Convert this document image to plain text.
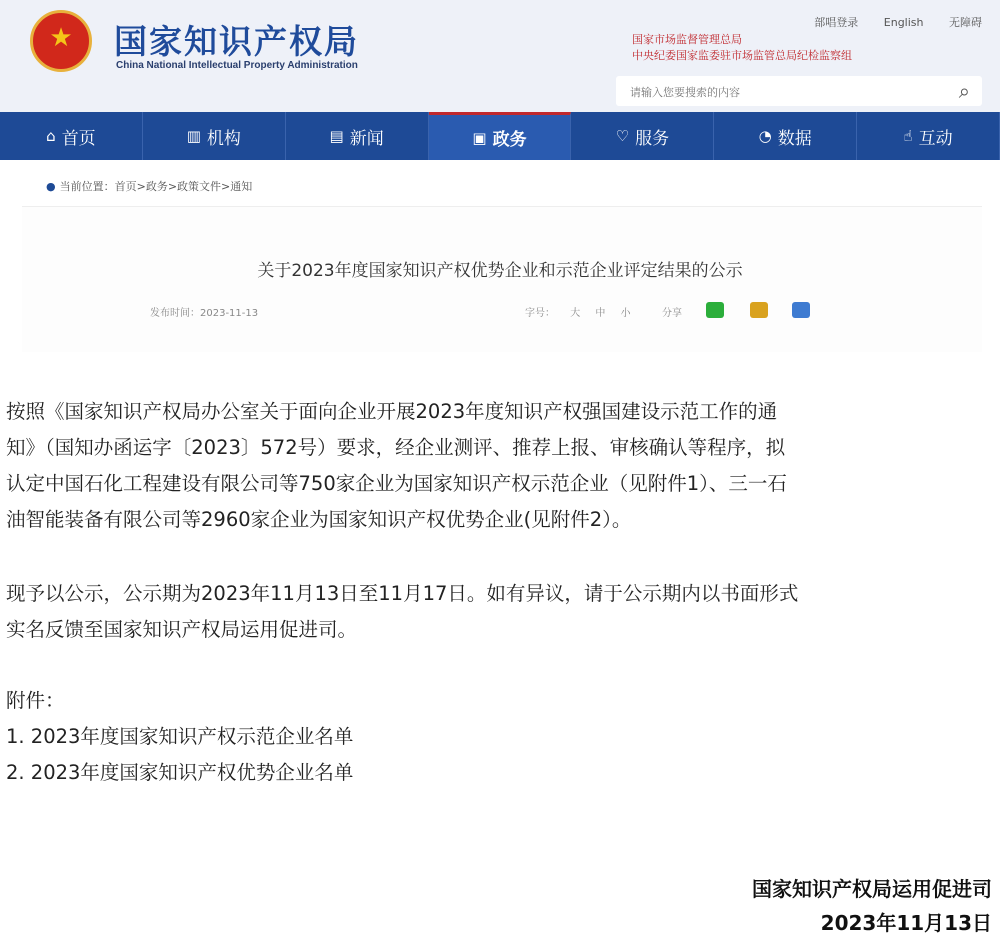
★
国家知识产权局
China National Intellectual Property Administration
部唱登录 English 无障碍
国家市场监督管理总局
中央纪委国家监委驻市场监管总局纪检监察组
请输入您要搜索的内容	⌕
⌂ 首页	▥ 机构	▤ 新闻	▣ 政务	♡ 服务	◔ 数据	☝ 互动
● 当前位置：首页>政务>政策文件>通知
关于2023年度国家知识产权优势企业和示范企业评定结果的公示
发布时间：2023-11-13	字号： 大 中 小	分享

按照《国家知识产权局办公室关于面向企业开展2023年度知识产权强国建设示范工作的通

知》（国知办函运字〔2023〕572号）要求，经企业测评、推荐上报、审核确认等程序，拟

认定中国石化工程建设有限公司等750家企业为国家知识产权示范企业（见附件1）、三一石

油智能装备有限公司等2960家企业为国家知识产权优势企业(见附件2）。

现予以公示，公示期为2023年11月13日至11月17日。如有异议，请于公示期内以书面形式

实名反馈至国家知识产权局运用促进司。

附件：

1. 2023年度国家知识产权示范企业名单

2. 2023年度国家知识产权优势企业名单

国家知识产权局运用促进司
2023年11月13日
